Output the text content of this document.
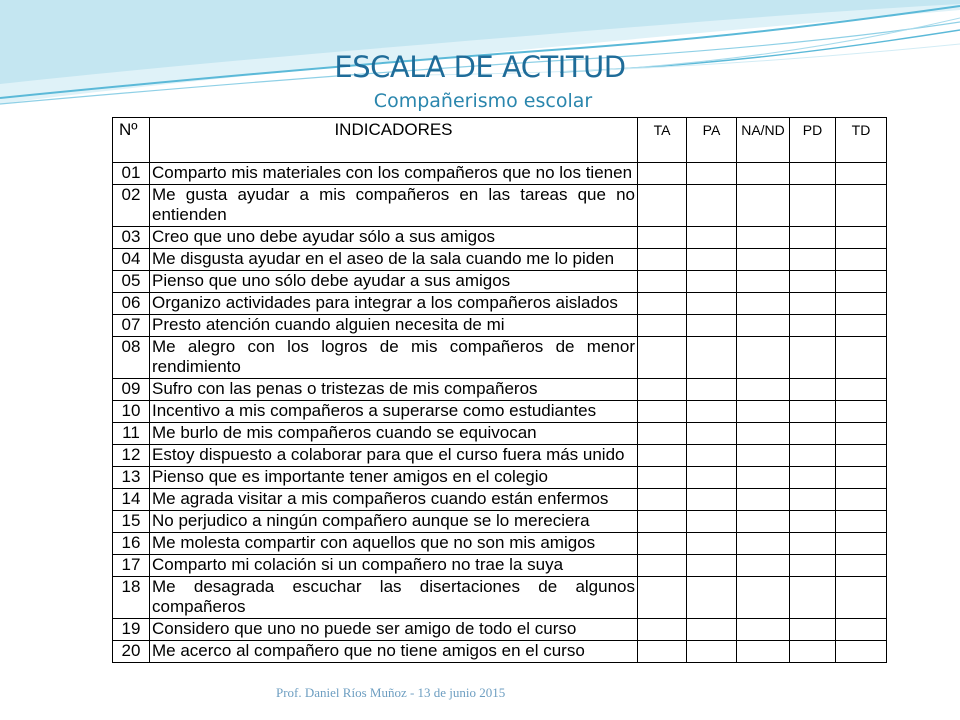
ESCALA DE ACTITUD
Compañerismo escolar
Nº	INDICADORES	TA	PA	NA/ND	PD	TD
01	Comparto mis materiales con los compañeros que no los tienen					
02	Me gusta ayudar a mis compañeros en las tareas que no entienden					
03	Creo que uno debe ayudar sólo a sus amigos					
04	Me disgusta ayudar en el aseo de la sala cuando me lo piden					
05	Pienso que uno sólo debe ayudar a sus amigos					
06	Organizo actividades para integrar a los compañeros aislados					
07	Presto atención cuando alguien necesita de mi					
08	Me alegro con los logros de mis compañeros de menor rendimiento					
09	Sufro con las penas o tristezas de mis compañeros					
10	Incentivo a mis compañeros a superarse como estudiantes					
11	Me burlo de mis compañeros cuando se equivocan					
12	Estoy dispuesto a colaborar para que el curso fuera más unido					
13	Pienso que es importante tener amigos en el colegio					
14	Me agrada visitar a mis compañeros cuando están enfermos					
15	No perjudico a ningún compañero aunque se lo mereciera					
16	Me molesta compartir con aquellos que no son mis amigos					
17	Comparto mi colación si un compañero no trae la suya					
18	Me desagrada escuchar las disertaciones de algunos compañeros					
19	Considero que uno no puede ser amigo de todo el curso					
20	Me acerco al compañero que no tiene amigos en el curso					
Prof. Daniel Ríos Muñoz - 13 de junio 2015
